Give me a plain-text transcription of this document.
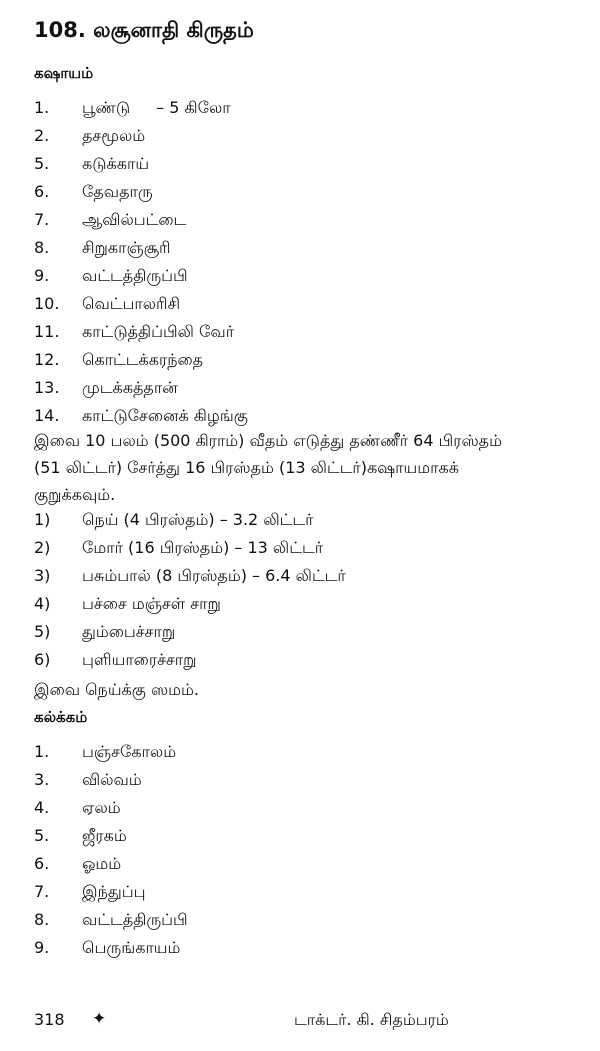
108. லசூனாதி கிருதம்
கஷாயம்
1. பூண்டு – 5 கிலோ
2. தசமூலம்
5. கடுக்காய்
6. தேவதாரு
7. ஆவில்பட்டை
8. சிறுகாஞ்சூரி
9. வட்டத்திருப்பி
10. வெட்பாலரிசி
11. காட்டுத்திப்பிலி வேர்
12. கொட்டக்கரந்தை
13. முடக்கத்தான்
14. காட்டுசேனைக் கிழங்கு
இவை 10 பலம் (500 கிராம்) வீதம் எடுத்து தண்ணீர் 64 பிரஸ்தம்
(51 லிட்டர்) சேர்த்து 16 பிரஸ்தம் (13 லிட்டர்)கஷாயமாகக்
குறுக்கவும்.
1) நெய் (4 பிரஸ்தம்) – 3.2 லிட்டர்
2) மோர் (16 பிரஸ்தம்) – 13 லிட்டர்
3) பசும்பால் (8 பிரஸ்தம்) – 6.4 லிட்டர்
4) பச்சை மஞ்சள் சாறு
5) தும்பைச்சாறு
6) புளியாரைச்சாறு
இவை நெய்க்கு ஸமம்.
கல்க்கம்
1. பஞ்சகோலம்
3. வில்வம்
4. ஏலம்
5. ஜீரகம்
6. ஓமம்
7. இந்துப்பு
8. வட்டத்திருப்பி
9. பெருங்காயம்
318 ✦	டாக்டர். கி. சிதம்பரம்
